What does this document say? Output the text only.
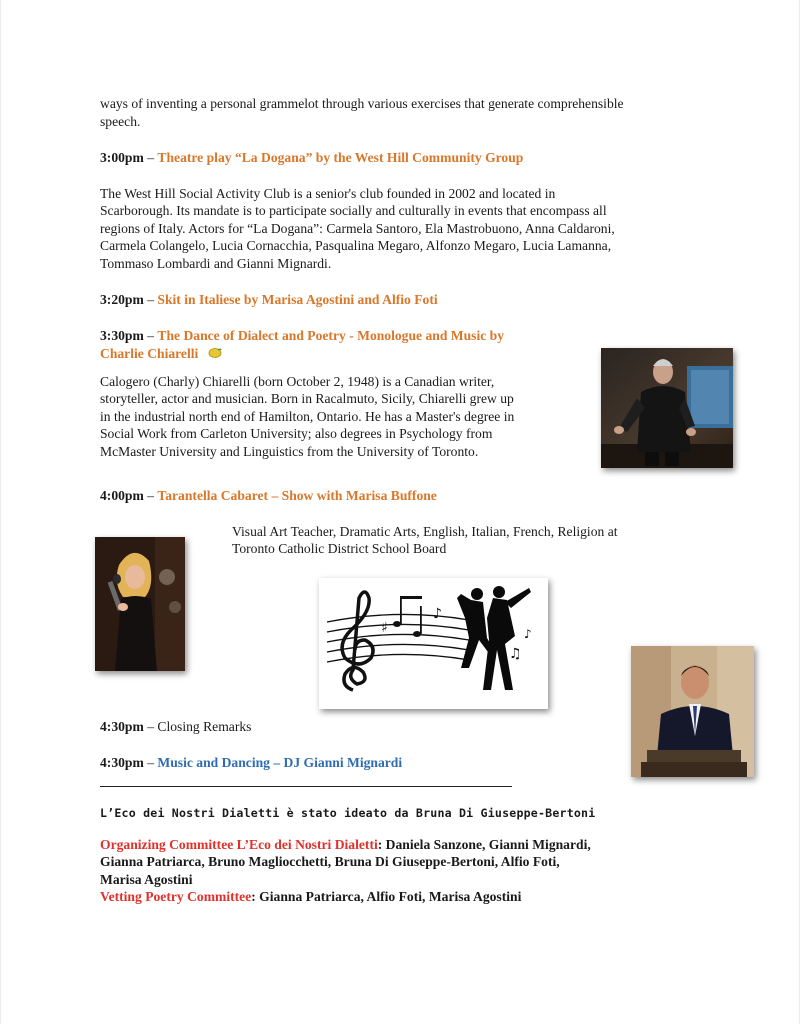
ways of inventing a personal grammelot through various exercises that generate comprehensible

speech.

3:00pm – Theatre play “La Dogana” by the West Hill Community Group

The West Hill Social Activity Club is a senior's club founded in 2002 and located in
Scarborough. Its mandate is to participate socially and culturally in events that encompass all
regions of Italy. Actors for “La Dogana”: Carmela Santoro, Ela Mastrobuono, Anna Caldaroni,
Carmela Colangelo, Lucia Cornacchia, Pasqualina Megaro, Alfonzo Megaro, Lucia Lamanna,
Tommaso Lombardi and Gianni Mignardi.

3:20pm – Skit in Italiese by Marisa Agostini and Alfio Foti

3:30pm – The Dance of Dialect and Poetry - Monologue and Music by

Charlie Chiarelli

Calogero (Charly) Chiarelli (born October 2, 1948) is a Canadian writer,
storyteller, actor and musician. Born in Racalmuto, Sicily, Chiarelli grew up
in the industrial north end of Hamilton, Ontario. He has a Master's degree in
Social Work from Carleton University; also degrees in Psychology from
McMaster University and Linguistics from the University of Toronto.

4:00pm – Tarantella Cabaret – Show with Marisa Buffone

Visual Art Teacher, Dramatic Arts, English, Italian, French, Religion at
Toronto Catholic District School Board
♯
♪
♫
♪

4:30pm – Closing Remarks

4:30pm – Music and Dancing – DJ Gianni Mignardi

L’Eco dei Nostri Dialetti è stato ideato da Bruna Di Giuseppe-Bertoni

Organizing Committee L’Eco dei Nostri Dialetti: Daniela Sanzone, Gianni Mignardi,
Gianna Patriarca, Bruno Magliocchetti, Bruna Di Giuseppe-Bertoni, Alfio Foti,
Marisa Agostini
Vetting Poetry Committee: Gianna Patriarca, Alfio Foti, Marisa Agostini
